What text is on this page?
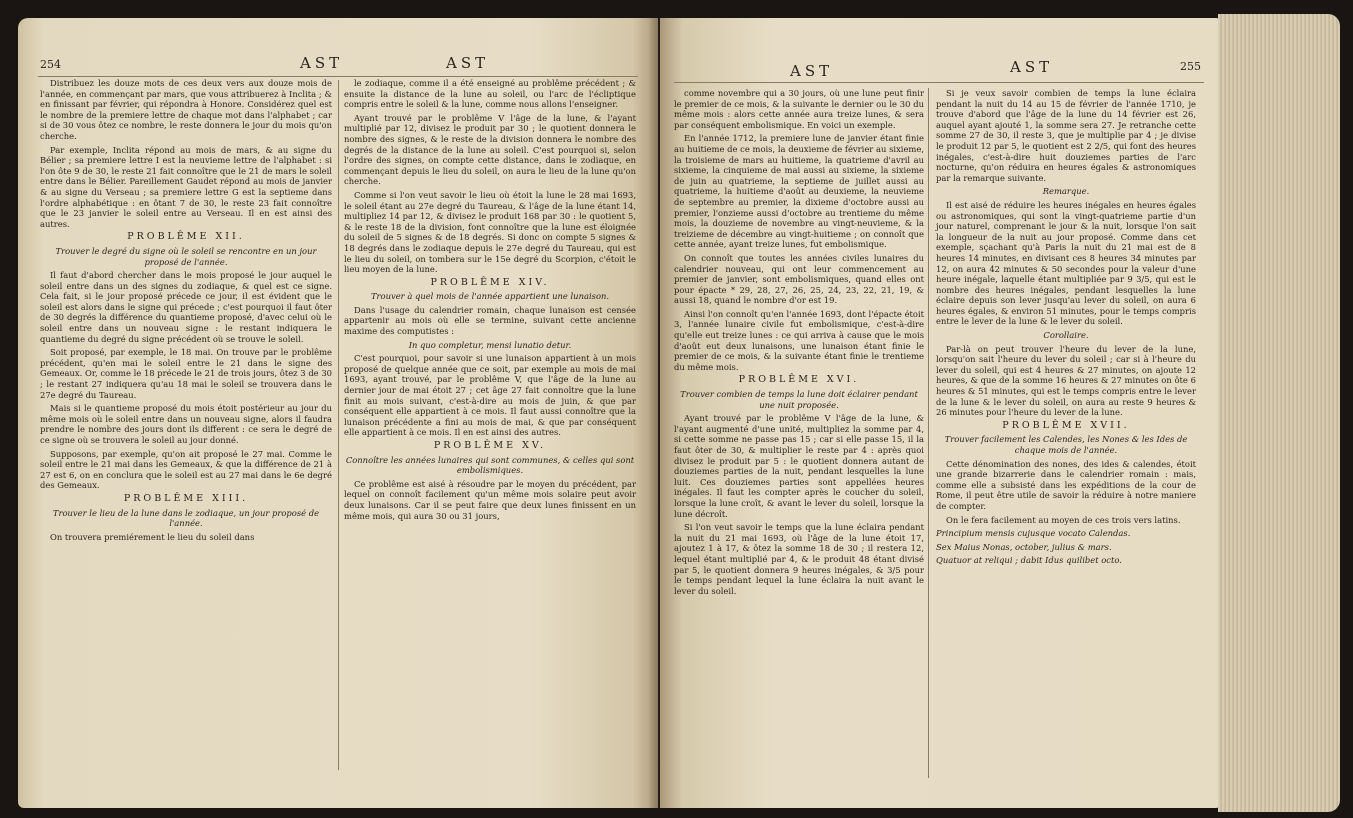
254	AST	AST

Distribuez les douze mots de ces deux vers aux douze mois de l'année, en commençant par mars, que vous attribuerez à Inclita ; & en finissant par février, qui répondra à Honore. Considérez quel est le nombre de la premiere lettre de chaque mot dans l'alphabet ; car si de 30 vous ôtez ce nombre, le reste donnera le jour du mois qu'on cherche.

Par exemple, Inclita répond au mois de mars, & au signe du Bélier ; sa premiere lettre I est la neuvieme lettre de l'alphabet : si l'on ôte 9 de 30, le reste 21 fait connoître que le 21 de mars le soleil entre dans le Bélier. Pareillement Gaudet répond au mois de janvier & au signe du Verseau ; sa premiere lettre G est la septieme dans l'ordre alphabétique : en ôtant 7 de 30, le reste 23 fait connoître que le 23 janvier le soleil entre au Verseau. Il en est ainsi des autres.

PROBLÊME XII.

Trouver le degré du signe où le soleil se rencontre en un jour proposé de l'année.

Il faut d'abord chercher dans le mois proposé le jour auquel le soleil entre dans un des signes du zodiaque, & quel est ce signe. Cela fait, si le jour proposé précede ce jour, il est évident que le soleil est alors dans le signe qui précede ; c'est pourquoi il faut ôter de 30 degrés la différence du quantieme proposé, d'avec celui où le soleil entre dans un nouveau signe : le restant indiquera le quantieme du degré du signe précédent où se trouve le soleil.

Soit proposé, par exemple, le 18 mai. On trouve par le problême précédent, qu'en mai le soleil entre le 21 dans le signe des Gemeaux. Or, comme le 18 précede le 21 de trois jours, ôtez 3 de 30 ; le restant 27 indiquera qu'au 18 mai le soleil se trouvera dans le 27e degré du Taureau.

Mais si le quantieme proposé du mois étoit postérieur au jour du même mois où le soleil entre dans un nouveau signe, alors il faudra prendre le nombre des jours dont ils different : ce sera le degré de ce signe où se trouvera le soleil au jour donné.

Supposons, par exemple, qu'on ait proposé le 27 mai. Comme le soleil entre le 21 mai dans les Gemeaux, & que la différence de 21 à 27 est 6, on en conclura que le soleil est au 27 mai dans le 6e degré des Gemeaux.

PROBLÊME XIII.

Trouver le lieu de la lune dans le zodiaque, un jour proposé de l'année.

On trouvera premiérement le lieu du soleil dans

le zodiaque, comme il a été enseigné au problême précédent ; & ensuite la distance de la lune au soleil, ou l'arc de l'écliptique compris entre le soleil & la lune, comme nous allons l'enseigner.

Ayant trouvé par le problême V l'âge de la lune, & l'ayant multiplié par 12, divisez le produit par 30 ; le quotient donnera le nombre des signes, & le reste de la division donnera le nombre des degrés de la distance de la lune au soleil. C'est pourquoi si, selon l'ordre des signes, on compte cette distance, dans le zodiaque, en commençant depuis le lieu du soleil, on aura le lieu de la lune qu'on cherche.

Comme si l'on veut savoir le lieu où étoit la lune le 28 mai 1693, le soleil étant au 27e degré du Taureau, & l'âge de la lune étant 14, multipliez 14 par 12, & divisez le produit 168 par 30 : le quotient 5, & le reste 18 de la division, font connoître que la lune est éloignée du soleil de 5 signes & de 18 degrés. Si donc on compte 5 signes & 18 degrés dans le zodiaque depuis le 27e degré du Taureau, qui est le lieu du soleil, on tombera sur le 15e degré du Scorpion, c'étoit le lieu moyen de la lune.

PROBLÊME XIV.

Trouver à quel mois de l'année appartient une lunaison.

Dans l'usage du calendrier romain, chaque lunaison est censée appartenir au mois où elle se termine, suivant cette ancienne maxime des computistes :

In quo completur, mensi lunatio detur.

C'est pourquoi, pour savoir si une lunaison appartient à un mois proposé de quelque année que ce soit, par exemple au mois de mai 1693, ayant trouvé, par le problême V, que l'âge de la lune au dernier jour de mai étoit 27 ; cet âge 27 fait connoître que la lune finit au mois suivant, c'est-à-dire au mois de juin, & que par conséquent elle appartient à ce mois. Il faut aussi connoître que la lunaison précédente a fini au mois de mai, & que par conséquent elle appartient à ce mois. Il en est ainsi des autres.

PROBLÊME XV.

Connoître les années lunaires qui sont communes, & celles qui sont embolismiques.

Ce problême est aisé à résoudre par le moyen du précédent, par lequel on connoît facilement qu'un même mois solaire peut avoir deux lunaisons. Car il se peut faire que deux lunes finissent en un même mois, qui aura 30 ou 31 jours,

AST	AST	255

comme novembre qui a 30 jours, où une lune peut finir le premier de ce mois, & la suivante le dernier ou le 30 du même mois : alors cette année aura treize lunes, & sera par conséquent embolismique. En voici un exemple.

En l'année 1712, la premiere lune de janvier étant finie au huitieme de ce mois, la deuxieme de février au sixieme, la troisieme de mars au huitieme, la quatrieme d'avril au sixieme, la cinquieme de mai aussi au sixieme, la sixieme de juin au quatrieme, la septieme de juillet aussi au quatrieme, la huitieme d'août au deuxieme, la neuvieme de septembre au premier, la dixieme d'octobre aussi au premier, l'onzieme aussi d'octobre au trentieme du même mois, la douzieme de novembre au vingt-neuvieme, & la treizieme de décembre au vingt-huitieme ; on connoît que cette année, ayant treize lunes, fut embolismique.

On connoît que toutes les années civiles lunaires du calendrier nouveau, qui ont leur commencement au premier de janvier, sont embolismiques, quand elles ont pour épacte * 29, 28, 27, 26, 25, 24, 23, 22, 21, 19, & aussi 18, quand le nombre d'or est 19.

Ainsi l'on connoît qu'en l'année 1693, dont l'épacte étoit 3, l'année lunaire civile fut embolismique, c'est-à-dire qu'elle eut treize lunes : ce qui arriva à cause que le mois d'août eut deux lunaisons, une lunaison étant finie le premier de ce mois, & la suivante étant finie le trentieme du même mois.

PROBLÊME XVI.

Trouver combien de temps la lune doit éclairer pendant une nuit proposée.

Ayant trouvé par le problême V l'âge de la lune, & l'ayant augmenté d'une unité, multipliez la somme par 4, si cette somme ne passe pas 15 ; car si elle passe 15, il la faut ôter de 30, & multiplier le reste par 4 : après quoi divisez le produit par 5 : le quotient donnera autant de douziemes parties de la nuit, pendant lesquelles la lune luit. Ces douziemes parties sont appellées heures inégales. Il faut les compter après le coucher du soleil, lorsque la lune croît, & avant le lever du soleil, lorsque la lune décroît.

Si l'on veut savoir le temps que la lune éclaira pendant la nuit du 21 mai 1693, où l'âge de la lune étoit 17, ajoutez 1 à 17, & ôtez la somme 18 de 30 ; il restera 12, lequel étant multiplié par 4, & le produit 48 étant divisé par 5, le quotient donnera 9 heures inégales, & 3/5 pour le temps pendant lequel la lune éclaira la nuit avant le lever du soleil.

Si je veux savoir combien de temps la lune éclaira pendant la nuit du 14 au 15 de février de l'année 1710, je trouve d'abord que l'âge de la lune du 14 février est 26, auquel ayant ajouté 1, la somme sera 27. Je retranche cette somme 27 de 30, il reste 3, que je multiplie par 4 ; je divise le produit 12 par 5, le quotient est 2 2/5, qui font des heures inégales, c'est-à-dire huit douziemes parties de l'arc nocturne, qu'on réduira en heures égales & astronomiques par la remarque suivante.

Remarque.

Il est aisé de réduire les heures inégales en heures égales ou astronomiques, qui sont la vingt-quatrieme partie d'un jour naturel, comprenant le jour & la nuit, lorsque l'on sait la longueur de la nuit au jour proposé. Comme dans cet exemple, sçachant qu'à Paris la nuit du 21 mai est de 8 heures 14 minutes, en divisant ces 8 heures 34 minutes par 12, on aura 42 minutes & 50 secondes pour la valeur d'une heure inégale, laquelle étant multipliée par 9 3/5, qui est le nombre des heures inégales, pendant lesquelles la lune éclaire depuis son lever jusqu'au lever du soleil, on aura 6 heures égales, & environ 51 minutes, pour le temps compris entre le lever de la lune & le lever du soleil.

Corollaire.

Par-là on peut trouver l'heure du lever de la lune, lorsqu'on sait l'heure du lever du soleil ; car si à l'heure du lever du soleil, qui est 4 heures & 27 minutes, on ajoute 12 heures, & que de la somme 16 heures & 27 minutes on ôte 6 heures & 51 minutes, qui est le temps compris entre le lever de la lune & le lever du soleil, on aura au reste 9 heures & 26 minutes pour l'heure du lever de la lune.

PROBLÊME XVII.

Trouver facilement les Calendes, les Nones & les Ides de chaque mois de l'année.

Cette dénomination des nones, des ides & calendes, étoit une grande bizarrerie dans le calendrier romain : mais, comme elle a subsisté dans les expéditions de la cour de Rome, il peut être utile de savoir la réduire à notre maniere de compter.

On le fera facilement au moyen de ces trois vers latins.

Principium mensis cujusque vocato Calendas.

Sex Maius Nonas, october, julius & mars.

Quatuor at reliqui ; dabit Idus quilibet octo.
